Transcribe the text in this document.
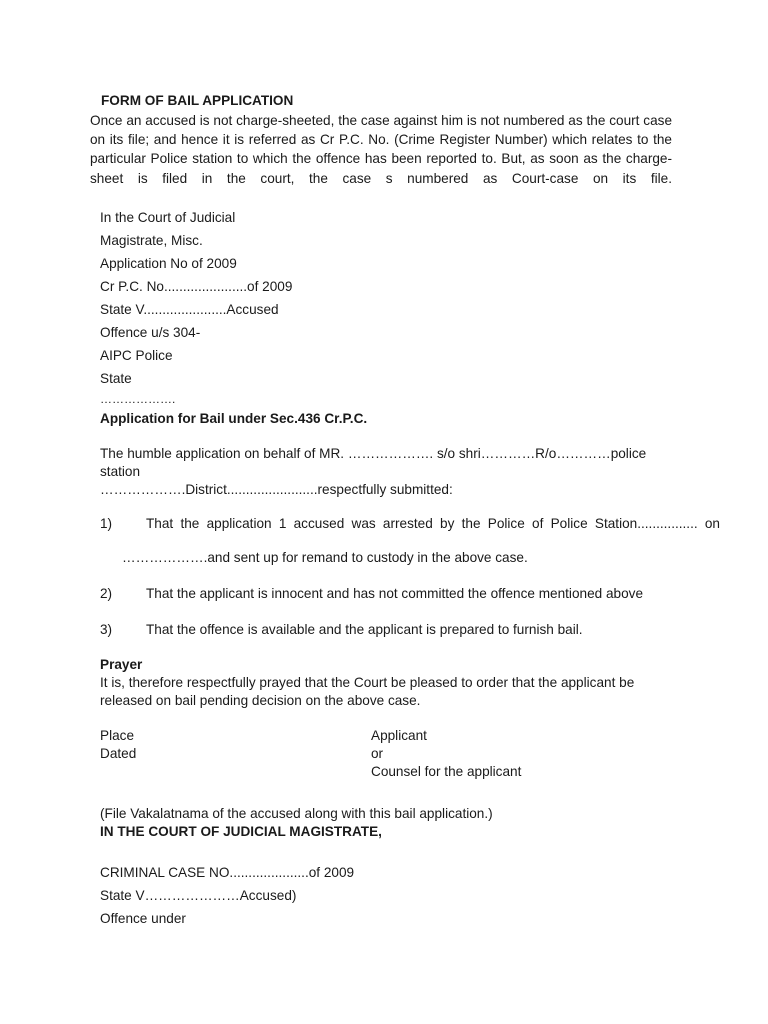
FORM OF BAIL APPLICATION

Once an accused is not charge-sheeted, the case against him is not numbered as the court case on its file; and hence it is referred as Cr P.C. No. (Crime Register Number) which relates to the particular Police station to which the offence has been reported to. But, as soon as the charge-sheet is filed in the court, the case s numbered as Court-case on its file.

In the Court of Judicial
Magistrate, Misc.
Application No of 2009
Cr P.C. No......................of 2009
State V......................Accused
Offence u/s 304-
AIPC Police
State
……………….
Application for Bail under Sec.436 Cr.P.C.
The humble application on behalf of MR. ………………. s/o shri…………R/o…………police
station
……………….District........................respectfully submitted:
1) That the application 1 accused was arrested by the Police of Police Station................ on
……………….and sent up for remand to custody in the above case.
2) That the applicant is innocent and has not committed the offence mentioned above
3) That the offence is available and the applicant is prepared to furnish bail.
Prayer
It is, therefore respectfully prayed that the Court be pleased to order that the applicant be
released on bail pending decision on the above case.
Place
Dated
Applicant
or
Counsel for the applicant
(File Vakalatnama of the accused along with this bail application.)
IN THE COURT OF JUDICIAL MAGISTRATE,
CRIMINAL CASE NO.....................of 2009
State V…………………Accused)
Offence under
